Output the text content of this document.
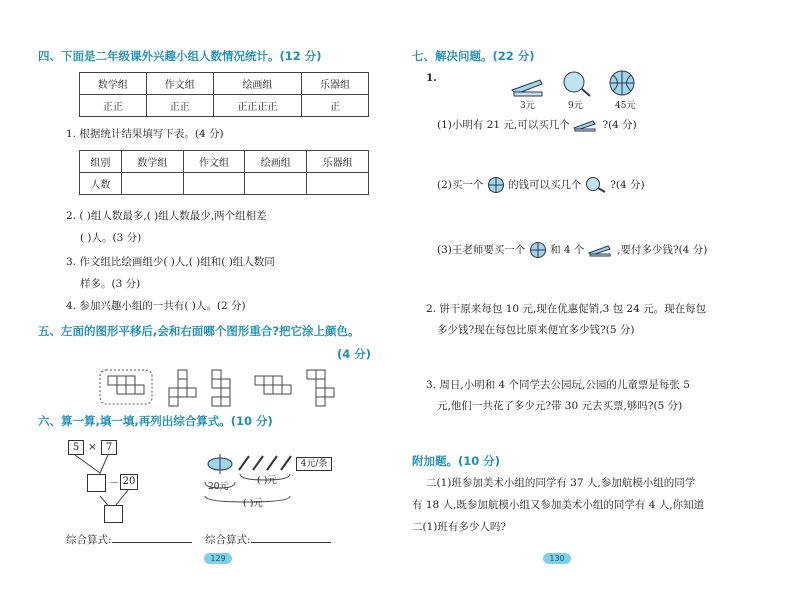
四、下面是二年级课外兴趣小组人数情况统计。(12 分)
数学组	作文组	绘画组	乐器组
正正	正正	正正正正	正
1. 根据统计结果填写下表。(4 分)
组别	数学组	作文组	绘画组	乐器组
人数				
2. ( )组人数最多,( )组人数最少,两个组相差
( )人。(3 分)
3. 作文组比绘画组少( )人,( )组和( )组人数同
样多。(3 分)
4. 参加兴趣小组的一共有( )人。(2 分)
五、左面的图形平移后,会和右面哪个图形重合?把它涂上颜色。
(4 分)
六、算一算,填一填,再列出综合算式。(10 分)
5 × 7
－ 20
4元/条
20元
( )元
( )元
综合算式:	综合算式:
129
七、解决问题。(22 分)
1.
3元	9元	45元
(1)小明有 21 元,可以买几个	?(4 分)
(2)买一个 的钱可以买几个	?(4 分)
(3)王老师要买一个 和 4 个	,要付多少钱?(4 分)
2. 饼干原来每包 10 元,现在优惠促销,3 包 24 元。现在每包
多少钱?现在每包比原来便宜多少钱?(5 分)
3. 周日,小明和 4 个同学去公园玩,公园的儿童票是每张 5
元,他们一共花了多少元?带 30 元去买票,够吗?(5 分)
附加题。(10 分)
二(1)班参加美术小组的同学有 37 人,参加航模小组的同学
有 18 人,既参加航模小组又参加美术小组的同学有 4 人,你知道
二(1)班有多少人吗?
130
